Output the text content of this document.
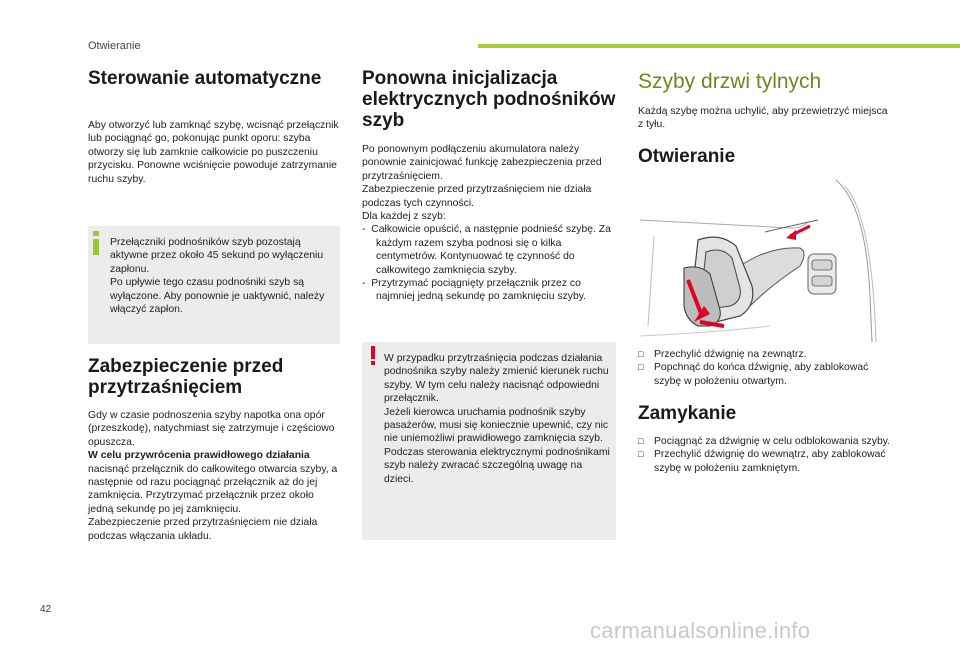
Otwieranie
Sterowanie automatyczne
Aby otworzyć lub zamknąć szybę, wcisnąć przełącznik lub pociągnąć go, pokonując punkt oporu: szyba otworzy się lub zamknie całkowicie po puszczeniu przycisku. Ponowne wciśnięcie powoduje zatrzymanie ruchu szyby.

Przełączniki podnośników szyb pozostają aktywne przez około 45 sekund po wyłączeniu zapłonu.

Po upływie tego czasu podnośniki szyb są wyłączone. Aby ponownie je uaktywnić, należy włączyć zapłon.

Zabezpieczenie przed przytrzaśnięciem

Gdy w czasie podnoszenia szyby napotka ona opór (przeszkodę), natychmiast się zatrzymuje i częściowo opuszcza.

W celu przywrócenia prawidłowego działania nacisnąć przełącznik do całkowitego otwarcia szyby, a następnie od razu pociągnąć przełącznik aż do jej zamknięcia. Przytrzymać przełącznik przez około jedną sekundę po jej zamknięciu.

Zabezpieczenie przed przytrzaśnięciem nie działa podczas włączania układu.

Ponowna inicjalizacja elektrycznych podnośników szyb

Po ponownym podłączeniu akumulatora należy ponownie zainicjować funkcję zabezpieczenia przed przytrzaśnięciem.

Zabezpieczenie przed przytrzaśnięciem nie działa podczas tych czynności.

Dla każdej z szyb:

-  Całkowicie opuścić, a następnie podnieść szybę. Za każdym razem szyba podnosi się o kilka centymetrów. Kontynuować tę czynność do całkowitego zamknięcia szyby.

-  Przytrzymać pociągnięty przełącznik przez co najmniej jedną sekundę po zamknięciu szyby.

W przypadku przytrzaśnięcia podczas działania podnośnika szyby należy zmienić kierunek ruchu szyby. W tym celu należy nacisnąć odpowiedni przełącznik.

Jeżeli kierowca uruchamia podnośnik szyby pasażerów, musi się koniecznie upewnić, czy nic nie uniemożliwi prawidłowego zamknięcia szyb.

Podczas sterowania elektrycznymi podnośnikami szyb należy zwracać szczególną uwagę na dzieci.

Szyby drzwi tylnych
Każdą szybę można uchylić, aby przewietrzyć miejsca z tyłu.
Otwieranie
□ Przechylić dźwignię na zewnątrz.
□ Popchnąć do końca dźwignię, aby zablokować szybę w położeniu otwartym.
Zamykanie
□ Pociągnąć za dźwignię w celu odblokowania szyby.
□ Przechylić dźwignię do wewnątrz, aby zablokować szybę w położeniu zamkniętym.
42
carmanualsonline.info
